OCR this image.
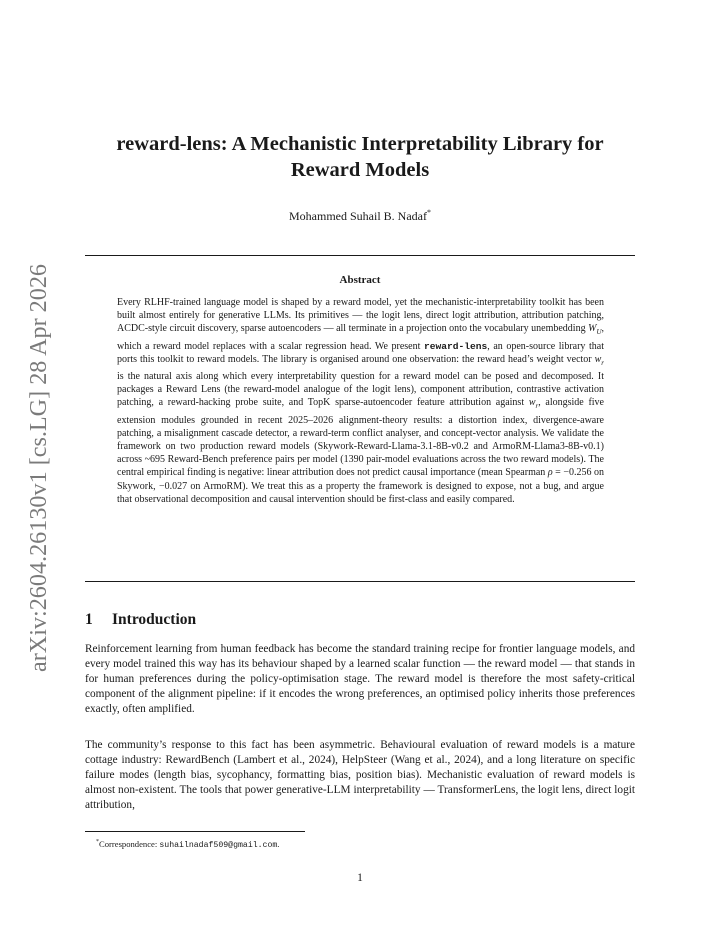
arXiv:2604.26130v1 [cs.LG] 28 Apr 2026
reward-lens: A Mechanistic Interpretability Library for Reward Models
Mohammed Suhail B. Nadaf*
Abstract
Every RLHF-trained language model is shaped by a reward model, yet the mechanistic-interpretability toolkit has been built almost entirely for generative LLMs. Its primitives — the logit lens, direct logit attribution, attribution patching, ACDC-style circuit discovery, sparse autoencoders — all terminate in a projection onto the vocabulary unembedding $W_U$, which a reward model replaces with a scalar regression head. We present reward-lens, an open-source library that ports this toolkit to reward models. The library is organised around one observation: the reward head’s weight vector $w_r$ is the natural axis along which every interpretability question for a reward model can be posed and decomposed. It packages a Reward Lens (the reward-model analogue of the logit lens), component attribution, contrastive activation patching, a reward-hacking probe suite, and TopK sparse-autoencoder feature attribution against $w_r$, alongside five extension modules grounded in recent 2025–2026 alignment-theory results: a distortion index, divergence-aware patching, a misalignment cascade detector, a reward-term conflict analyser, and concept-vector analysis. We validate the framework on two production reward models (Skywork-Reward-Llama-3.1-8B-v0.2 and ArmoRM-Llama3-8B-v0.1) across ~695 Reward-Bench preference pairs per model (1390 pair-model evaluations across the two reward models). The central empirical finding is negative: linear attribution does not predict causal importance (mean Spearman ρ = −0.256 on Skywork, −0.027 on ArmoRM). We treat this as a property the framework is designed to expose, not a bug, and argue that observational decomposition and causal intervention should be first-class and easily compared.
1 Introduction

Reinforcement learning from human feedback has become the standard training recipe for frontier language models, and every model trained this way has its behaviour shaped by a learned scalar function — the reward model — that stands in for human preferences during the policy-optimisation stage. The reward model is therefore the most safety-critical component of the alignment pipeline: if it encodes the wrong preferences, an optimised policy inherits those preferences exactly, often amplified.

The community’s response to this fact has been asymmetric. Behavioural evaluation of reward models is a mature cottage industry: RewardBench (Lambert et al., 2024), HelpSteer (Wang et al., 2024), and a long literature on specific failure modes (length bias, sycophancy, formatting bias, position bias). Mechanistic evaluation of reward models is almost non-existent. The tools that power generative-LLM interpretability — TransformerLens, the logit lens, direct logit attribution,

*Correspondence: suhailnadaf509@gmail.com.
1
